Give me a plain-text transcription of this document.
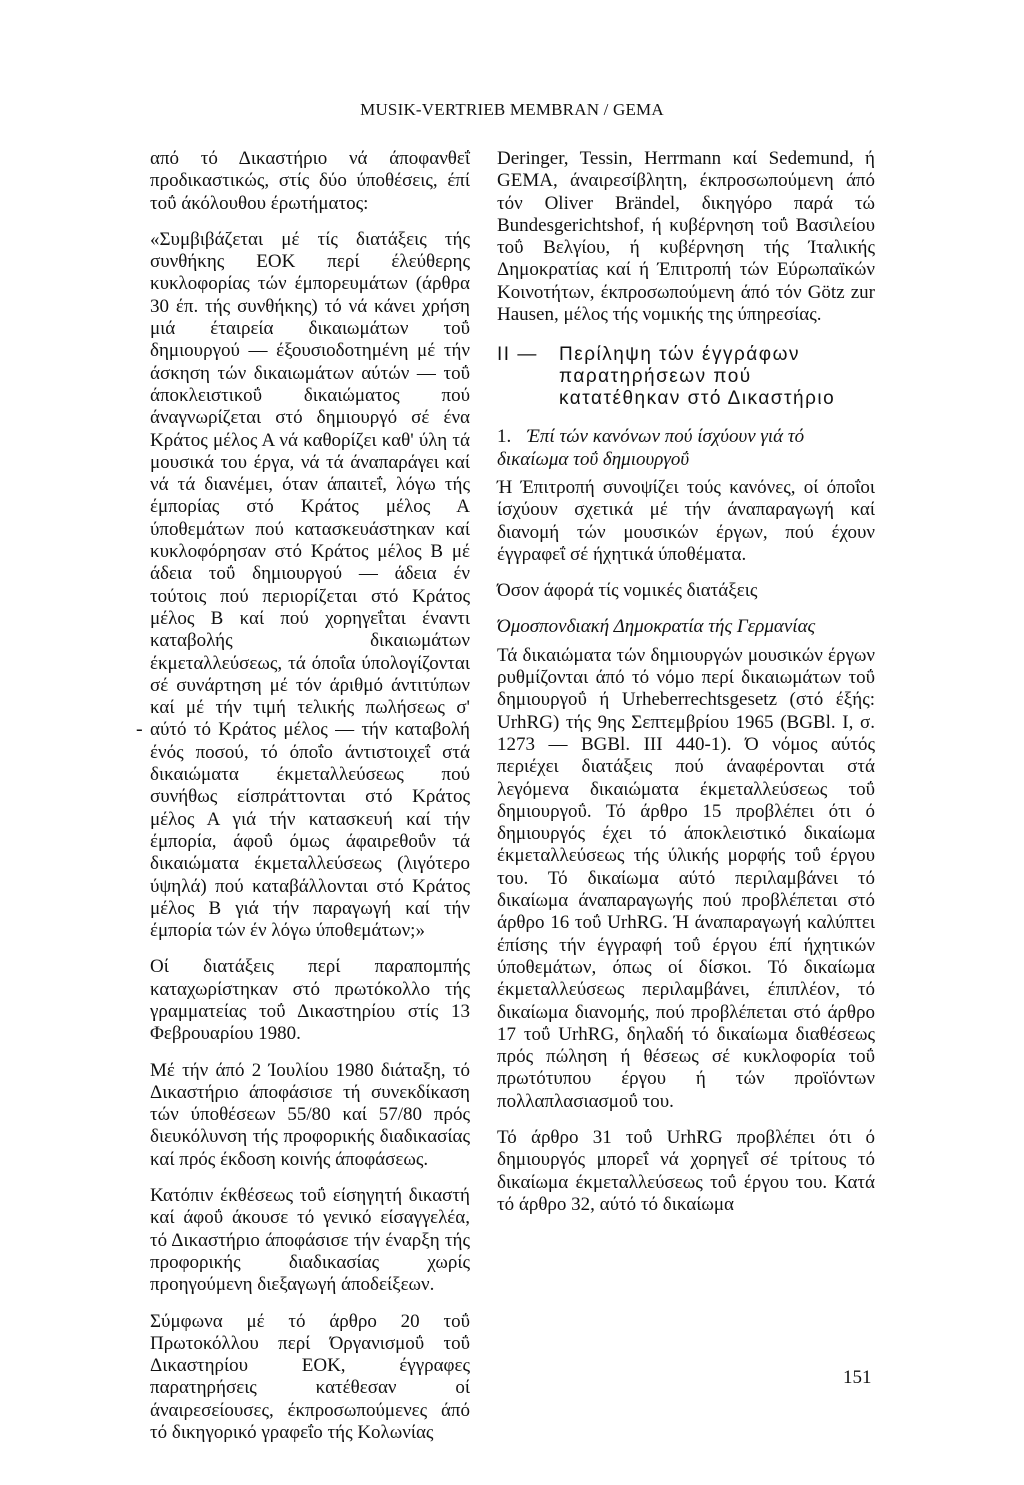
MUSIK-VERTRIEB MEMBRAN / GEMA
-

από τό Δικαστήριο νά άποφανθεΐ προδικαστικώς, στίς δύο ύποθέσεις, έπί τοΰ άκόλουθου έρωτήματος:

«Συμβιβάζεται μέ τίς διατάξεις τής συνθήκης ΕΟΚ περί έλεύθερης κυκλοφορίας τών έμπορευμάτων (άρθρα 30 έπ. τής συνθήκης) τό νά κάνει χρήση μιά έταιρεία δικαιωμάτων τοΰ δημιουργού — έξουσιοδοτημένη μέ τήν άσκηση τών δικαιωμάτων αύτών — τοΰ άποκλειστικοΰ δικαιώματος πού άναγνωρίζεται στό δημιουργό σέ ένα Κράτος μέλος Α νά καθορίζει καθ' ύλη τά μουσικά του έργα, νά τά άναπαράγει καί νά τά διανέμει, όταν άπαιτεΐ, λόγω τής έμπορίας στό Κράτος μέλος Α ύποθεμάτων πού κατασκευάστηκαν καί κυκλοφόρησαν στό Κράτος μέλος Β μέ άδεια τοΰ δημιουργού — άδεια έν τούτοις πού περιορίζεται στό Κράτος μέλος Β καί πού χορηγεΐται έναντι καταβολής δικαιωμάτων έκμεταλλεύσεως, τά όποΐα ύπολογίζονται σέ συνάρτηση μέ τόν άριθμό άντιτύπων καί μέ τήν τιμή τελικής πωλήσεως σ' αύτό τό Κράτος μέλος — τήν καταβολή ένός ποσού, τό όποΐο άντιστοιχεΐ στά δικαιώματα έκμεταλλεύσεως πού συνήθως είσπράττονται στό Κράτος μέλος Α γιά τήν κατασκευή καί τήν έμπορία, άφοΰ όμως άφαιρεθοΰν τά δικαιώματα έκμεταλλεύσεως (λιγότερο ύψηλά) πού καταβάλλονται στό Κράτος μέλος Β γιά τήν παραγωγή καί τήν έμπορία τών έν λόγω ύποθεμάτων;»

Οί διατάξεις περί παραπομπής καταχωρίστηκαν στό πρωτόκολλο τής γραμματείας τοΰ Δικαστηρίου στίς 13 Φεβρουαρίου 1980.

Μέ τήν άπό 2 Ίουλίου 1980 διάταξη, τό Δικαστήριο άποφάσισε τή συνεκδίκαση τών ύποθέσεων 55/80 καί 57/80 πρός διευκόλυνση τής προφορικής διαδικασίας καί πρός έκδοση κοινής άποφάσεως.

Κατόπιν έκθέσεως τοΰ είσηγητή δικαστή καί άφοΰ άκουσε τό γενικό είσαγγελέα, τό Δικαστήριο άποφάσισε τήν έναρξη τής προφορικής διαδικασίας χωρίς προηγούμενη διεξαγωγή άποδείξεων.

Σύμφωνα μέ τό άρθρο 20 τοΰ Πρωτοκόλλου περί Όργανισμοΰ τοΰ Δικαστηρίου ΕΟΚ, έγγραφες παρατηρήσεις κατέθεσαν οί άναιρεσείουσες, έκπροσωπούμενες άπό τό δικηγορικό γραφεΐο τής Κολωνίας

Deringer, Tessin, Herrmann καί Sedemund, ή GEMA, άναιρεσίβλητη, έκπροσωπούμενη άπό τόν Oliver Brändel, δικηγόρο παρά τώ Bundesgerichtshof, ή κυβέρνηση τοΰ Βασιλείου τοΰ Βελγίου, ή κυβέρνηση τής Ίταλικής Δημοκρατίας καί ή Έπιτροπή τών Εύρωπαϊκών Κοινοτήτων, έκπροσωπούμενη άπό τόν Götz zur Hausen, μέλος τής νομικής της ύπηρεσίας.

II —	Περίληψη τών έγγράφων παρατηρήσεων πού κατατέθηκαν στό Δικαστήριο
1. Έπί τών κανόνων πού ίσχύουν γιά τό δικαίωμα τοΰ δημιουργοΰ

Ή Έπιτροπή συνοψίζει τούς κανόνες, οί όποΐοι ίσχύουν σχετικά μέ τήν άναπαραγωγή καί διανομή τών μουσικών έργων, πού έχουν έγγραφεΐ σέ ήχητικά ύποθέματα.

Όσον άφορά τίς νομικές διατάξεις

Όμοσπονδιακή Δημοκρατία τής Γερμανίας

Τά δικαιώματα τών δημιουργών μουσικών έργων ρυθμίζονται άπό τό νόμο περί δικαιωμάτων τοΰ δημιουργοΰ ή Urheberrechtsgesetz (στό έξής: UrhRG) τής 9ης Σεπτεμβρίου 1965 (BGBl. I, σ. 1273 — BGBl. III 440-1). Ό νόμος αύτός περιέχει διατάξεις πού άναφέρονται στά λεγόμενα δικαιώματα έκμεταλλεύσεως τοΰ δημιουργοΰ. Τό άρθρο 15 προβλέπει ότι ό δημιουργός έχει τό άποκλειστικό δικαίωμα έκμεταλλεύσεως τής ύλικής μορφής τοΰ έργου του. Τό δικαίωμα αύτό περιλαμβάνει τό δικαίωμα άναπαραγωγής πού προβλέπεται στό άρθρο 16 τοΰ UrhRG. Ή άναπαραγωγή καλύπτει έπίσης τήν έγγραφή τοΰ έργου έπί ήχητικών ύποθεμάτων, όπως οί δίσκοι. Τό δικαίωμα έκμεταλλεύσεως περιλαμβάνει, έπιπλέον, τό δικαίωμα διανομής, πού προβλέπεται στό άρθρο 17 τοΰ UrhRG, δηλαδή τό δικαίωμα διαθέσεως πρός πώληση ή θέσεως σέ κυκλοφορία τοΰ πρωτότυπου έργου ή τών προϊόντων πολλαπλασιασμοΰ του.

Τό άρθρο 31 τοΰ UrhRG προβλέπει ότι ό δημιουργός μπορεΐ νά χορηγεΐ σέ τρίτους τό δικαίωμα έκμεταλλεύσεως τοΰ έργου του. Κατά τό άρθρο 32, αύτό τό δικαίωμα

151
